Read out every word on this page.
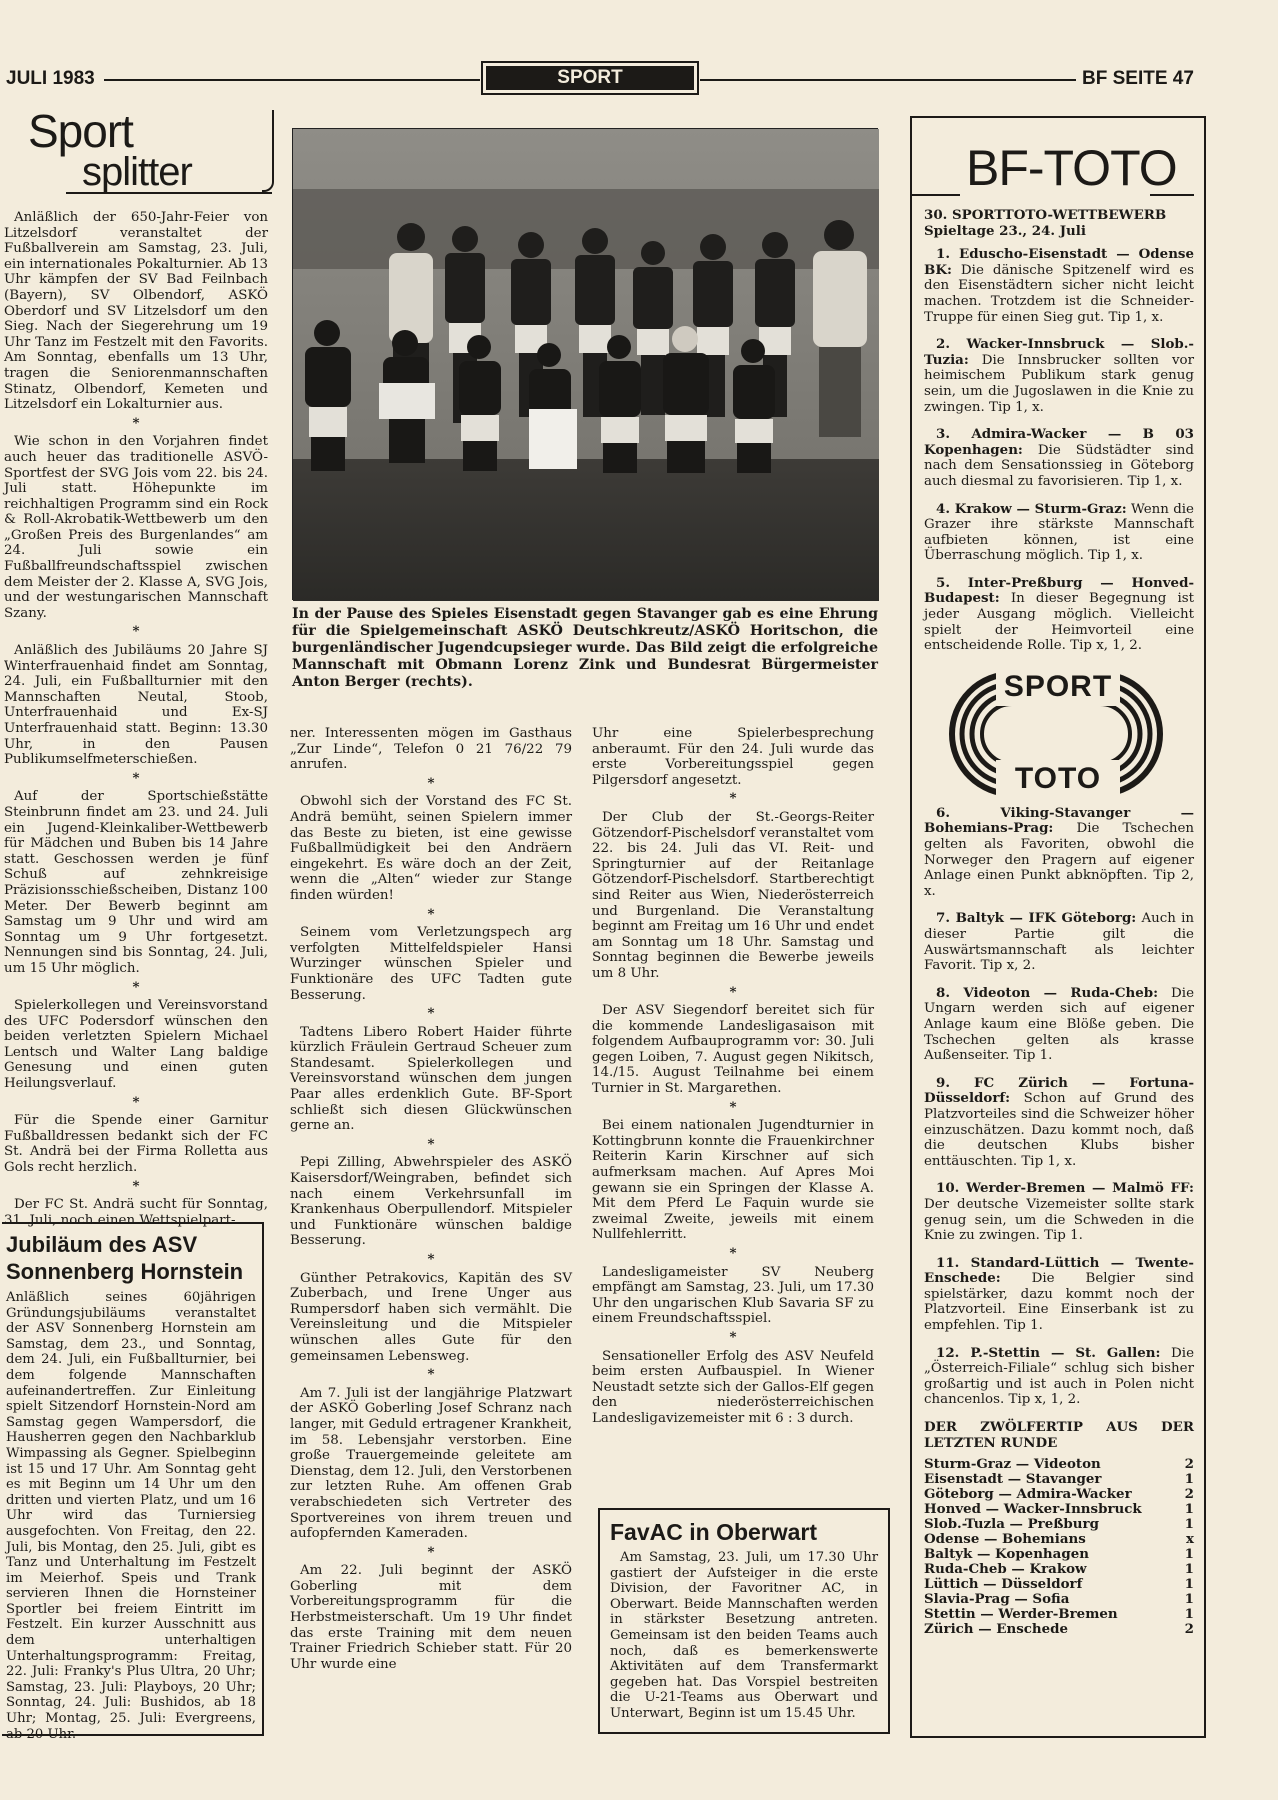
JULI 1983	SPORT	BF SEITE 47
Sport
splitter

Anläßlich der 650-Jahr-Feier von Litzelsdorf veranstaltet der Fußballverein am Samstag, 23. Juli, ein internationales Pokalturnier. Ab 13 Uhr kämpfen der SV Bad Feilnbach (Bayern), SV Olbendorf, ASKÖ Oberdorf und SV Litzelsdorf um den Sieg. Nach der Siegerehrung um 19 Uhr Tanz im Festzelt mit den Favorits. Am Sonntag, ebenfalls um 13 Uhr, tragen die Seniorenmannschaften Stinatz, Olbendorf, Kemeten und Litzelsdorf ein Lokalturnier aus.

*

Wie schon in den Vorjahren findet auch heuer das traditionelle ASVÖ-Sportfest der SVG Jois vom 22. bis 24. Juli statt. Höhepunkte im reichhaltigen Programm sind ein Rock & Roll-Akrobatik-Wettbewerb um den „Großen Preis des Burgenlandes“ am 24. Juli sowie ein Fußballfreundschaftsspiel zwischen dem Meister der 2. Klasse A, SVG Jois, und der westungarischen Mannschaft Szany.

*

Anläßlich des Jubiläums 20 Jahre SJ Winterfrauenhaid findet am Sonntag, 24. Juli, ein Fußballturnier mit den Mannschaften Neutal, Stoob, Unterfrauenhaid und Ex-SJ Unterfrauenhaid statt. Beginn: 13.30 Uhr, in den Pausen Publikumselfmeterschießen.

*

Auf der Sportschießstätte Steinbrunn findet am 23. und 24. Juli ein Jugend-Kleinkaliber-Wettbewerb für Mädchen und Buben bis 14 Jahre statt. Geschossen werden je fünf Schuß auf zehnkreisige Präzisionsschießscheiben, Distanz 100 Meter. Der Bewerb beginnt am Samstag um 9 Uhr und wird am Sonntag um 9 Uhr fortgesetzt. Nennungen sind bis Sonntag, 24. Juli, um 15 Uhr möglich.

*

Spielerkollegen und Vereinsvorstand des UFC Podersdorf wünschen den beiden verletzten Spielern Michael Lentsch und Walter Lang baldige Genesung und einen guten Heilungsverlauf.

*

Für die Spende einer Garnitur Fußballdressen bedankt sich der FC St. Andrä bei der Firma Rolletta aus Gols recht herzlich.

*

Der FC St. Andrä sucht für Sonntag, 31. Juli, noch einen Wettspielpart-

Jubiläum des ASV
Sonnenberg Hornstein
Anläßlich seines 60jährigen Gründungsjubiläums veranstaltet der ASV Sonnenberg Hornstein am Samstag, dem 23., und Sonntag, dem 24. Juli, ein Fußballturnier, bei dem folgende Mannschaften aufeinandertreffen. Zur Einleitung spielt Sitzendorf Hornstein-Nord am Samstag gegen Wampersdorf, die Hausherren gegen den Nachbarklub Wimpassing als Gegner. Spielbeginn ist 15 und 17 Uhr. Am Sonntag geht es mit Beginn um 14 Uhr um den dritten und vierten Platz, und um 16 Uhr wird das Turniersieg ausgefochten. Von Freitag, den 22. Juli, bis Montag, den 25. Juli, gibt es Tanz und Unterhaltung im Festzelt im Meierhof. Speis und Trank servieren Ihnen die Hornsteiner Sportler bei freiem Eintritt im Festzelt. Ein kurzer Ausschnitt aus dem unterhaltigen Unterhaltungsprogramm: Freitag, 22. Juli: Franky's Plus Ultra, 20 Uhr; Samstag, 23. Juli: Playboys, 20 Uhr; Sonntag, 24. Juli: Bushidos, ab 18 Uhr; Montag, 25. Juli: Evergreens, ab 20 Uhr.
In der Pause des Spieles Eisenstadt gegen Stavanger gab es eine Ehrung für die Spielgemeinschaft ASKÖ Deutschkreutz/ASKÖ Horitschon, die burgenländischer Jugendcupsieger wurde. Das Bild zeigt die erfolgreiche Mannschaft mit Obmann Lorenz Zink und Bundesrat Bürgermeister Anton Berger (rechts).

ner. Interessenten mögen im Gasthaus „Zur Linde“, Telefon 0 21 76/22 79 anrufen.

*

Obwohl sich der Vorstand des FC St. Andrä bemüht, seinen Spielern immer das Beste zu bieten, ist eine gewisse Fußballmüdigkeit bei den Andräern eingekehrt. Es wäre doch an der Zeit, wenn die „Alten“ wieder zur Stange finden würden!

*

Seinem vom Verletzungspech arg verfolgten Mittelfeldspieler Hansi Wurzinger wünschen Spieler und Funktionäre des UFC Tadten gute Besserung.

*

Tadtens Libero Robert Haider führte kürzlich Fräulein Gertraud Scheuer zum Standesamt. Spielerkollegen und Vereinsvorstand wünschen dem jungen Paar alles erdenklich Gute. BF-Sport schließt sich diesen Glückwünschen gerne an.

*

Pepi Zilling, Abwehrspieler des ASKÖ Kaisersdorf/Weingraben, befindet sich nach einem Verkehrsunfall im Krankenhaus Oberpullendorf. Mitspieler und Funktionäre wünschen baldige Besserung.

*

Günther Petrakovics, Kapitän des SV Zuberbach, und Irene Unger aus Rumpersdorf haben sich vermählt. Die Vereinsleitung und die Mitspieler wünschen alles Gute für den gemeinsamen Lebensweg.

*

Am 7. Juli ist der langjährige Platzwart der ASKÖ Goberling Josef Schranz nach langer, mit Geduld ertragener Krankheit, im 58. Lebensjahr verstorben. Eine große Trauergemeinde geleitete am Dienstag, dem 12. Juli, den Verstorbenen zur letzten Ruhe. Am offenen Grab verabschiedeten sich Vertreter des Sportvereines von ihrem treuen und aufopfernden Kameraden.

*

Am 22. Juli beginnt der ASKÖ Goberling mit dem Vorbereitungsprogramm für die Herbstmeisterschaft. Um 19 Uhr findet das erste Training mit dem neuen Trainer Friedrich Schieber statt. Für 20 Uhr wurde eine

Uhr eine Spielerbesprechung anberaumt. Für den 24. Juli wurde das erste Vorbereitungsspiel gegen Pilgersdorf angesetzt.

*

Der Club der St.-Georgs-Reiter Götzendorf-Pischelsdorf veranstaltet vom 22. bis 24. Juli das VI. Reit- und Springturnier auf der Reitanlage Götzendorf-Pischelsdorf. Startberechtigt sind Reiter aus Wien, Niederösterreich und Burgenland. Die Veranstaltung beginnt am Freitag um 16 Uhr und endet am Sonntag um 18 Uhr. Samstag und Sonntag beginnen die Bewerbe jeweils um 8 Uhr.

*

Der ASV Siegendorf bereitet sich für die kommende Landesligasaison mit folgendem Aufbauprogramm vor: 30. Juli gegen Loiben, 7. August gegen Nikitsch, 14./15. August Teilnahme bei einem Turnier in St. Margarethen.

*

Bei einem nationalen Jugendturnier in Kottingbrunn konnte die Frauenkirchner Reiterin Karin Kirschner auf sich aufmerksam machen. Auf Apres Moi gewann sie ein Springen der Klasse A. Mit dem Pferd Le Faquin wurde sie zweimal Zweite, jeweils mit einem Nullfehlerritt.

*

Landesligameister SV Neuberg empfängt am Samstag, 23. Juli, um 17.30 Uhr den ungarischen Klub Savaria SF zu einem Freundschaftsspiel.

*

Sensationeller Erfolg des ASV Neufeld beim ersten Aufbauspiel. In Wiener Neustadt setzte sich der Gallos-Elf gegen den niederösterreichischen Landesligavizemeister mit 6 : 3 durch.

FavAC in Oberwart
Am Samstag, 23. Juli, um 17.30 Uhr gastiert der Aufsteiger in die erste Division, der Favoritner AC, in Oberwart. Beide Mannschaften werden in stärkster Besetzung antreten. Gemeinsam ist den beiden Teams auch noch, daß es bemerkenswerte Aktivitäten auf dem Transfermarkt gegeben hat. Das Vorspiel bestreiten die U-21-Teams aus Oberwart und Unterwart, Beginn ist um 15.45 Uhr.
BF-TOTO
30. SPORTTOTO-WETTBEWERB
Spieltage 23., 24. Juli

1. Eduscho-Eisenstadt — Odense BK: Die dänische Spitzenelf wird es den Eisenstädtern sicher nicht leicht machen. Trotzdem ist die Schneider-Truppe für einen Sieg gut. Tip 1, x.

2. Wacker-Innsbruck — Slob.-Tuzia: Die Innsbrucker sollten vor heimischem Publikum stark genug sein, um die Jugoslawen in die Knie zu zwingen. Tip 1, x.

3. Admira-Wacker — B 03 Kopenhagen: Die Südstädter sind nach dem Sensationssieg in Göteborg auch diesmal zu favorisieren. Tip 1, x.

4. Krakow — Sturm-Graz: Wenn die Grazer ihre stärkste Mannschaft aufbieten können, ist eine Überraschung möglich. Tip 1, x.

5. Inter-Preßburg — Honved-Budapest: In dieser Begegnung ist jeder Ausgang möglich. Vielleicht spielt der Heimvorteil eine entscheidende Rolle. Tip x, 1, 2.

SPORT
TOTO

6. Viking-Stavanger — Bohemians-Prag: Die Tschechen gelten als Favoriten, obwohl die Norweger den Pragern auf eigener Anlage einen Punkt abknöpften. Tip 2, x.

7. Baltyk — IFK Göteborg: Auch in dieser Partie gilt die Auswärtsmannschaft als leichter Favorit. Tip x, 2.

8. Videoton — Ruda-Cheb: Die Ungarn werden sich auf eigener Anlage kaum eine Blöße geben. Die Tschechen gelten als krasse Außenseiter. Tip 1.

9. FC Zürich — Fortuna-Düsseldorf: Schon auf Grund des Platzvorteiles sind die Schweizer höher einzuschätzen. Dazu kommt noch, daß die deutschen Klubs bisher enttäuschten. Tip 1, x.

10. Werder-Bremen — Malmö FF: Der deutsche Vizemeister sollte stark genug sein, um die Schweden in die Knie zu zwingen. Tip 1.

11. Standard-Lüttich — Twente-Enschede: Die Belgier sind spielstärker, dazu kommt noch der Platzvorteil. Eine Einserbank ist zu empfehlen. Tip 1.

12. P.-Stettin — St. Gallen: Die „Österreich-Filiale“ schlug sich bisher großartig und ist auch in Polen nicht chancenlos. Tip x, 1, 2.

DER ZWÖLFERTIP AUS DER LETZTEN RUNDE
Sturm-Graz — Videoton	2
Eisenstadt — Stavanger	1
Göteborg — Admira-Wacker	2
Honved — Wacker-Innsbruck	1
Slob.-Tuzla — Preßburg	1
Odense — Bohemians	x
Baltyk — Kopenhagen	1
Ruda-Cheb — Krakow	1
Lüttich — Düsseldorf	1
Slavia-Prag — Sofia	1
Stettin — Werder-Bremen	1
Zürich — Enschede	2
